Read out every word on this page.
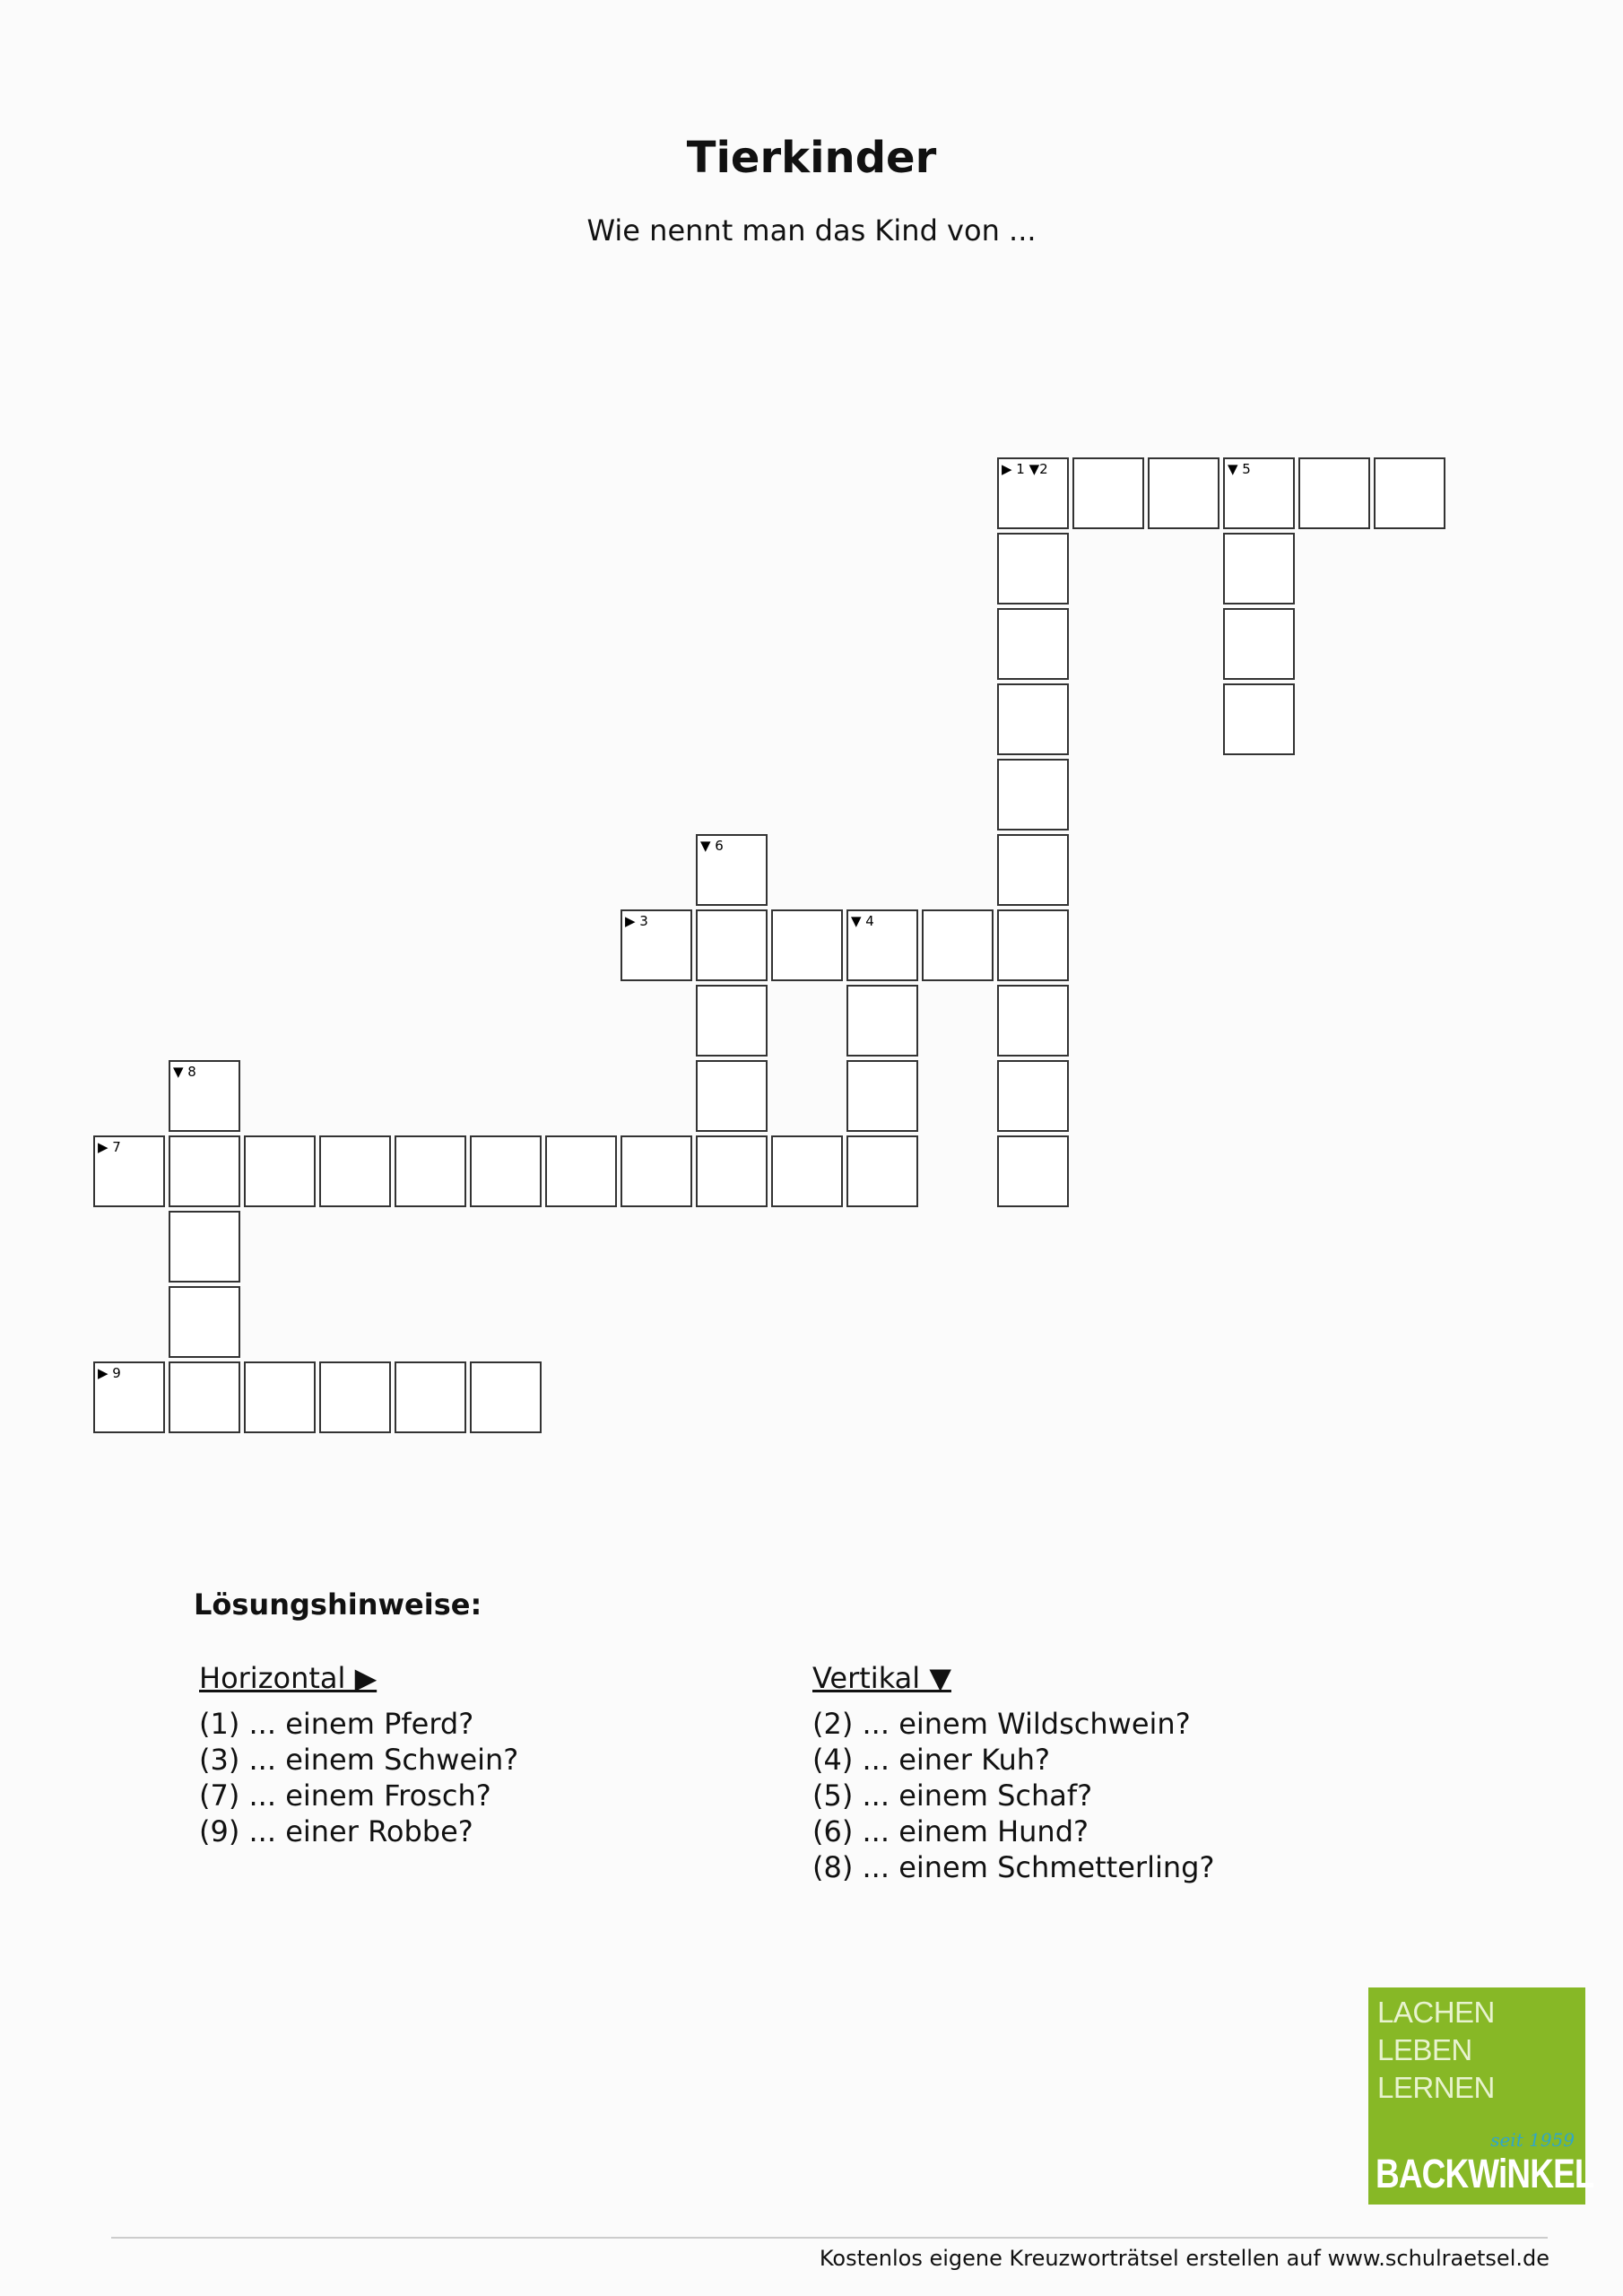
Tierkinder
Wie nennt man das Kind von ...
▶ 1 ▼2	▼ 5
▶ 3	▼ 4
▼ 6
▶ 7
▼ 8
▶ 9
Lösungshinweise:
Horizontal ▶
(1) ... einem Pferd?
(3) ... einem Schwein?
(7) ... einem Frosch?
(9) ... einer Robbe?
Vertikal ▼
(2) ... einem Wildschwein?
(4) ... einer Kuh?
(5) ... einem Schaf?
(6) ... einem Hund?
(8) ... einem Schmetterling?
LACHEN
LEBEN
LERNEN
seit 1959
BACKWiNKEL
Kostenlos eigene Kreuzworträtsel erstellen auf www.schulraetsel.de
